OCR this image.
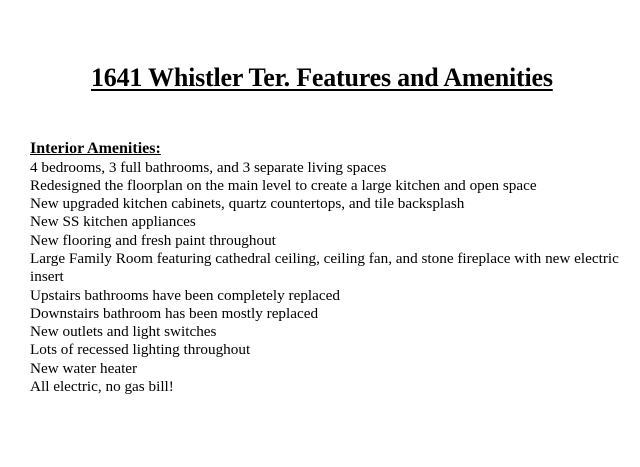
1641 Whistler Ter. Features and Amenities
Interior Amenities:
4 bedrooms, 3 full bathrooms, and 3 separate living spaces
Redesigned the floorplan on the main level to create a large kitchen and open space
New upgraded kitchen cabinets, quartz countertops, and tile backsplash
New SS kitchen appliances
New flooring and fresh paint throughout
Large Family Room featuring cathedral ceiling, ceiling fan, and stone fireplace with new electric insert
Upstairs bathrooms have been completely replaced
Downstairs bathroom has been mostly replaced
New outlets and light switches
Lots of recessed lighting throughout
New water heater
All electric, no gas bill!
